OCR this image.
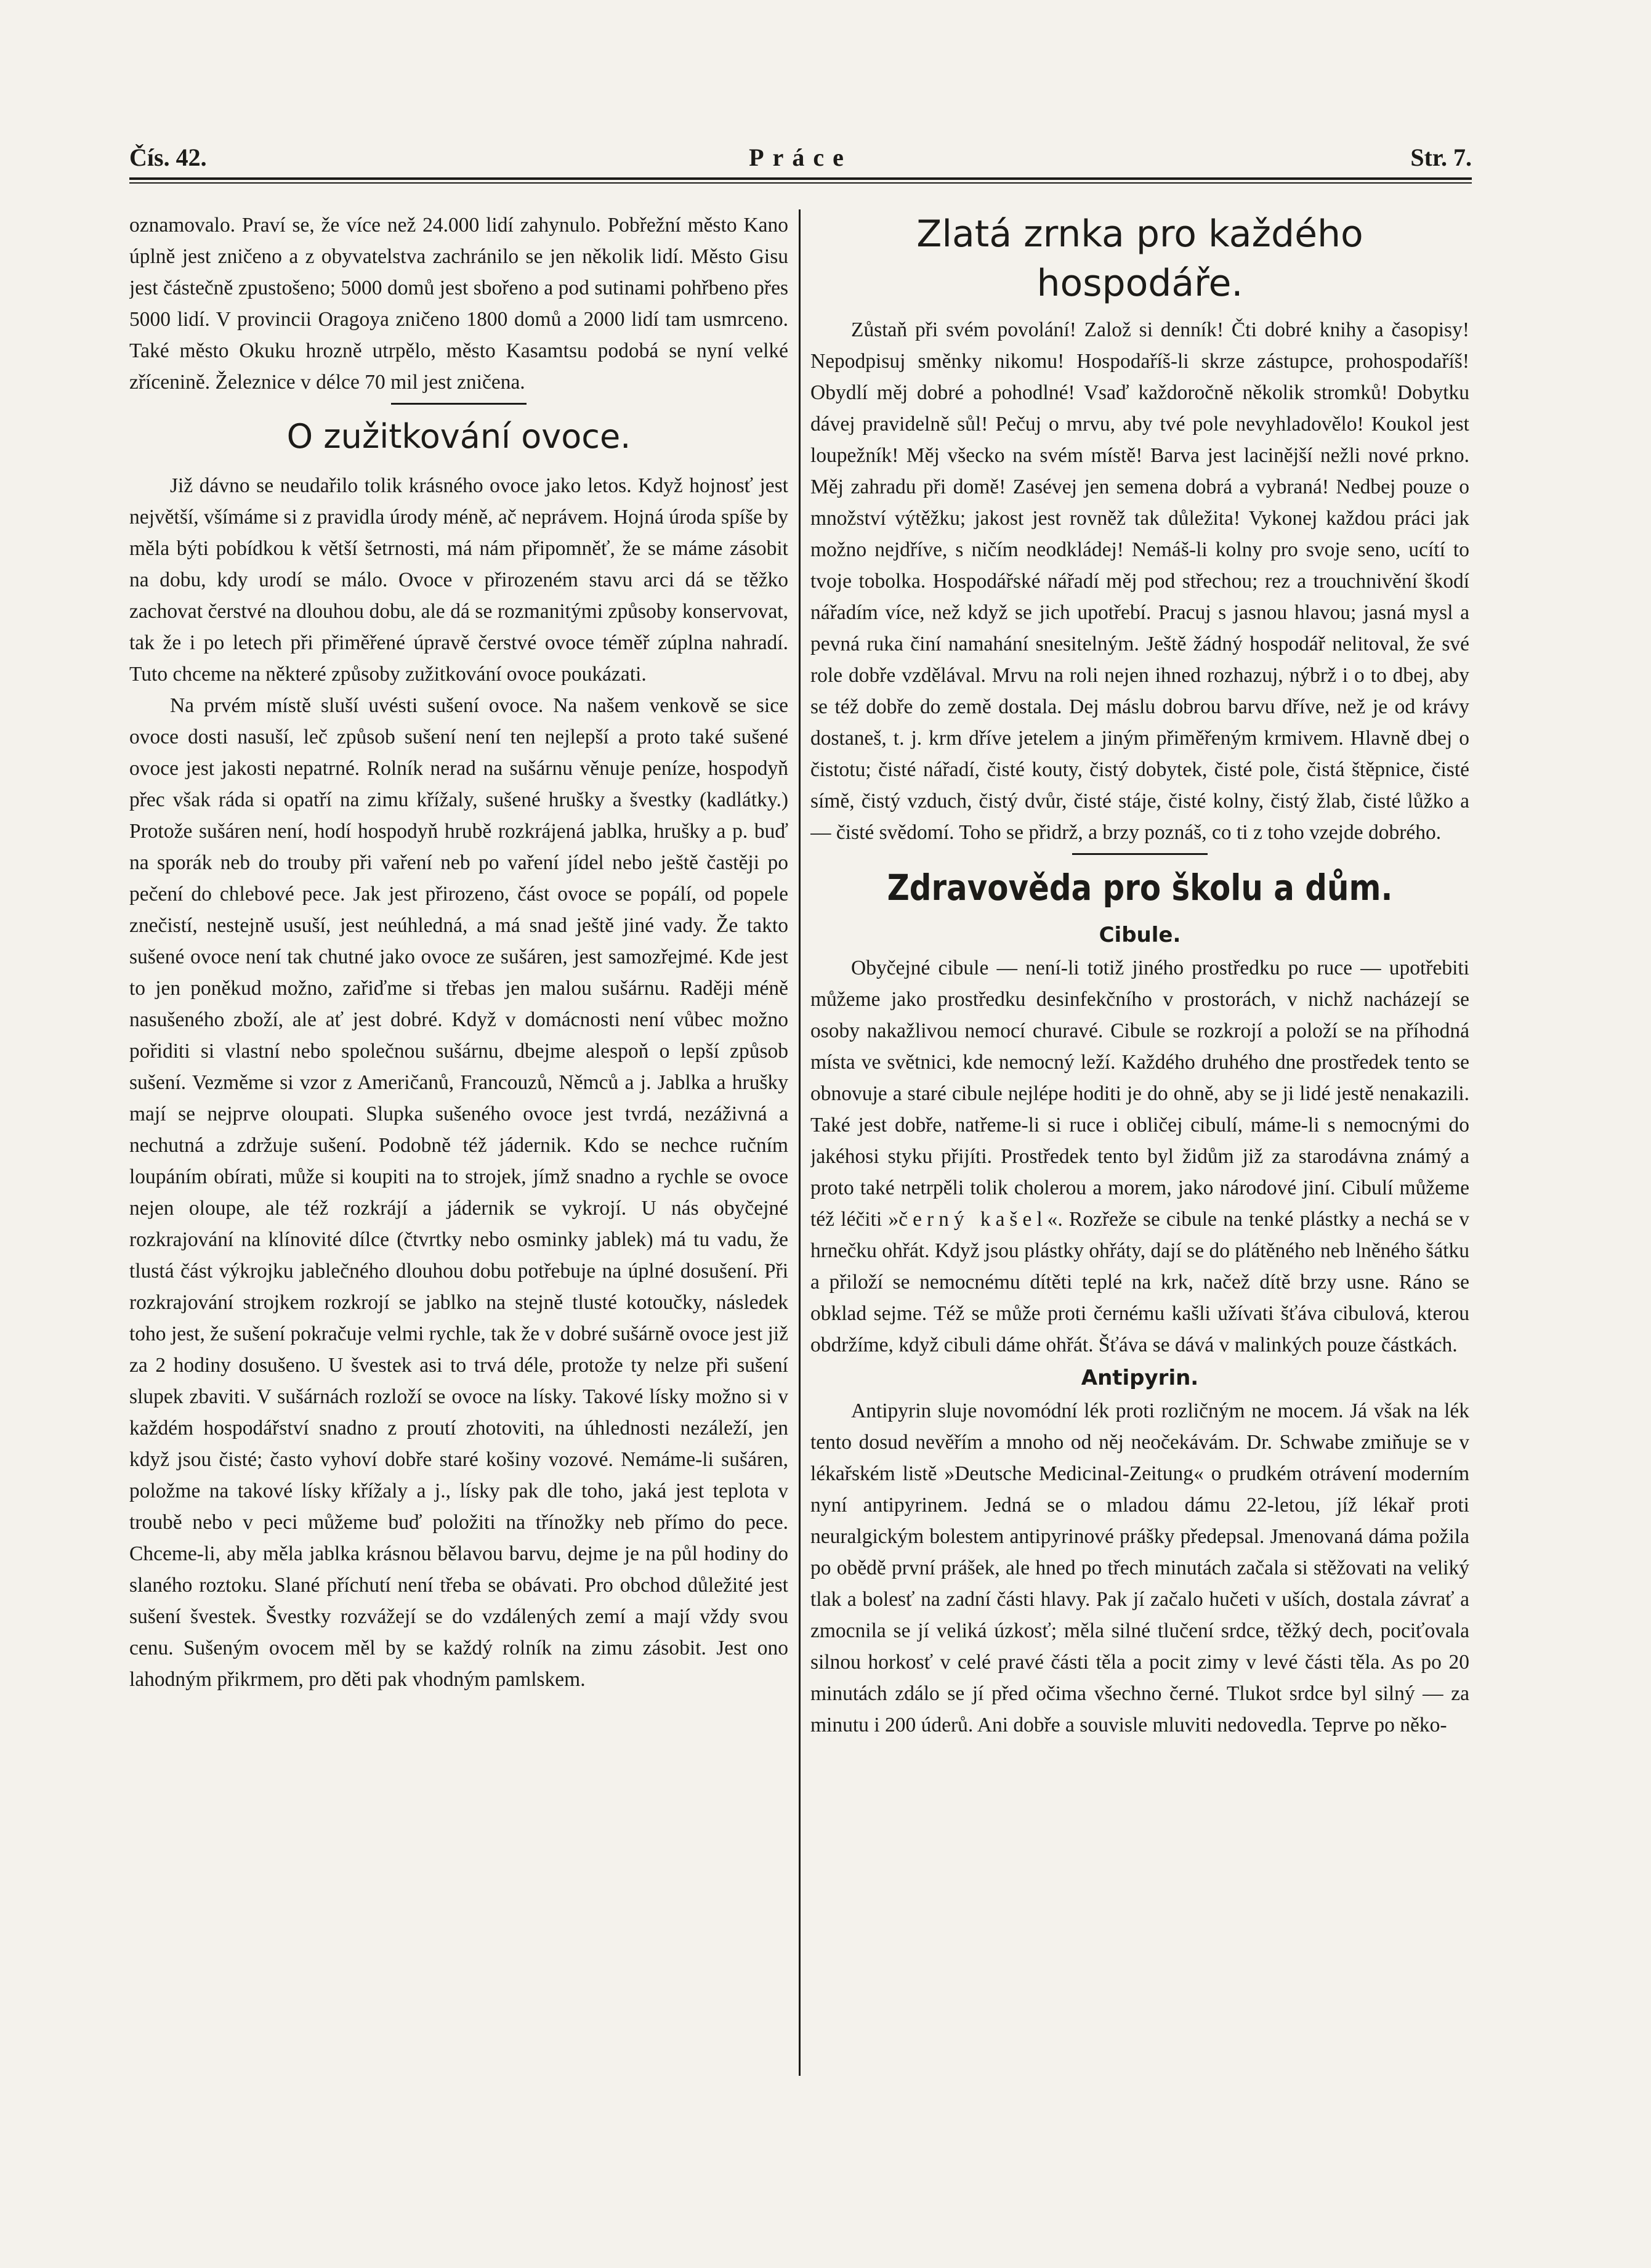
Čís. 42.	Práce	Str. 7.

oznamovalo. Praví se, že více než 24.000 lidí zahynulo. Pobřežní město Kano úplně jest zničeno a z obyvatelstva zachránilo se jen několik lidí. Město Gisu jest částečně zpustošeno; 5000 domů jest sbořeno a pod sutinami pohřbeno přes 5000 lidí. V provincii Oragoya zničeno 1800 domů a 2000 lidí tam usmrceno. Také město Okuku hrozně utrpělo, město Kasamtsu podobá se nyní velké zřícenině. Železnice v délce 70 mil jest zničena.

O zužitkování ovoce.

Již dávno se neudařilo tolik krásného ovoce jako letos. Když hojnosť jest největší, všímáme si z pravidla úrody méně, ač neprávem. Hojná úroda spíše by měla býti pobídkou k větší šetrnosti, má nám připomněť, že se máme zásobit na dobu, kdy urodí se málo. Ovoce v přirozeném stavu arci dá se těžko zachovat čerstvé na dlouhou dobu, ale dá se rozmanitými způsoby konservovat, tak že i po letech při přiměřené úpravě čerstvé ovoce téměř zúplna nahradí. Tuto chceme na některé způsoby zužitkování ovoce poukázati.

Na prvém místě sluší uvésti sušení ovoce. Na našem venkově se sice ovoce dosti nasuší, leč způsob sušení není ten nejlepší a proto také sušené ovoce jest jakosti nepatrné. Rolník nerad na sušárnu věnuje peníze, hospodyň přec však ráda si opatří na zimu křížaly, sušené hrušky a švestky (kadlátky.) Protože sušáren není, hodí hospodyň hrubě rozkrájená jablka, hrušky a p. buď na sporák neb do trouby při vaření neb po vaření jídel nebo ještě častěji po pečení do chlebové pece. Jak jest přirozeno, část ovoce se popálí, od popele znečistí, nestejně usuší, jest neúhledná, a má snad ještě jiné vady. Že takto sušené ovoce není tak chutné jako ovoce ze sušáren, jest samozřejmé. Kde jest to jen poněkud možno, zařiďme si třebas jen malou sušárnu. Raději méně nasušeného zboží, ale ať jest dobré. Když v domácnosti není vůbec možno pořiditi si vlastní nebo společnou sušárnu, dbejme alespoň o lepší způsob sušení. Vezměme si vzor z Američanů, Francouzů, Němců a j. Jablka a hrušky mají se nejprve oloupati. Slupka sušeného ovoce jest tvrdá, nezáživná a nechutná a zdržuje sušení. Podobně též jádernik. Kdo se nechce ručním loupáním obírati, může si koupiti na to strojek, jímž snadno a rychle se ovoce nejen oloupe, ale též rozkrájí a jádernik se vykrojí. U nás obyčejné rozkrajování na klínovité dílce (čtvrtky nebo osminky jablek) má tu vadu, že tlustá část výkrojku jablečného dlouhou dobu potřebuje na úplné dosušení. Při rozkrajování strojkem rozkrojí se jablko na stejně tlusté kotoučky, následek toho jest, že sušení pokračuje velmi rychle, tak že v dobré sušárně ovoce jest již za 2 hodiny dosušeno. U švestek asi to trvá déle, protože ty nelze při sušení slupek zbaviti. V sušárnách rozloží se ovoce na lísky. Takové lísky možno si v každém hospodářství snadno z proutí zhotoviti, na úhlednosti nezáleží, jen když jsou čisté; často vyhoví dobře staré košiny vozové. Nemáme-li sušáren, položme na takové lísky křížaly a j., lísky pak dle toho, jaká jest teplota v troubě nebo v peci můžeme buď položiti na třínožky neb přímo do pece. Chceme-li, aby měla jablka krásnou bělavou barvu, dejme je na půl hodiny do slaného roztoku. Slané příchutí není třeba se obávati. Pro obchod důležité jest sušení švestek. Švestky rozvážejí se do vzdálených zemí a mají vždy svou cenu. Sušeným ovocem měl by se každý rolník na zimu zásobit. Jest ono lahodným přikrmem, pro děti pak vhodným pamlskem.

Zlatá zrnka pro každého hospodáře.

Zůstaň při svém povolání! Založ si denník! Čti dobré knihy a časopisy! Nepodpisuj směnky nikomu! Hospodaříš-li skrze zástupce, prohospodaříš! Obydlí měj dobré a pohodlné! Vsaď každoročně několik stromků! Dobytku dávej pravidelně sůl! Pečuj o mrvu, aby tvé pole nevyhladovělo! Koukol jest loupežník! Měj všecko na svém místě! Barva jest lacinější nežli nové prkno. Měj zahradu při domě! Zasévej jen semena dobrá a vybraná! Nedbej pouze o množství výtěžku; jakost jest rovněž tak důležita! Vykonej každou práci jak možno nejdříve, s ničím neodkládej! Nemáš-li kolny pro svoje seno, ucítí to tvoje tobolka. Hospodářské nářadí měj pod střechou; rez a trouchnivění škodí nářadím více, než když se jich upotřebí. Pracuj s jasnou hlavou; jasná mysl a pevná ruka činí namahání snesitelným. Ještě žádný hospodář nelitoval, že své role dobře vzdělával. Mrvu na roli nejen ihned rozhazuj, nýbrž i o to dbej, aby se též dobře do země dostala. Dej máslu dobrou barvu dříve, než je od krávy dostaneš, t. j. krm dříve jetelem a jiným přiměřeným krmivem. Hlavně dbej o čistotu; čisté nářadí, čisté kouty, čistý dobytek, čisté pole, čistá štěpnice, čisté símě, čistý vzduch, čistý dvůr, čisté stáje, čisté kolny, čistý žlab, čisté lůžko a — čisté svědomí. Toho se přidrž, a brzy poznáš, co ti z toho vzejde dobrého.

Zdravověda pro školu a dům.
Cibule.

Obyčejné cibule — není-li totiž jiného prostředku po ruce — upotřebiti můžeme jako prostředku desinfekčního v prostorách, v nichž nacházejí se osoby nakažlivou nemocí churavé. Cibule se rozkrojí a položí se na příhodná místa ve světnici, kde nemocný leží. Každého druhého dne prostředek tento se obnovuje a staré cibule nejlépe hoditi je do ohně, aby se ji lidé jestě nenakazili. Také jest dobře, natřeme-li si ruce i obličej cibulí, máme-li s nemocnými do jakéhosi styku přijíti. Prostředek tento byl židům již za starodávna známý a proto také netrpěli tolik cholerou a morem, jako národové jiní. Cibulí můžeme též léčiti »černý kašel«. Rozřeže se cibule na tenké plástky a nechá se v hrnečku ohřát. Když jsou plástky ohřáty, dají se do plátěného neb lněného šátku a přiloží se nemocnému dítěti teplé na krk, načež dítě brzy usne. Ráno se obklad sejme. Též se může proti černému kašli užívati šťáva cibulová, kterou obdržíme, když cibuli dáme ohřát. Šťáva se dává v malinkých pouze částkách.

Antipyrin.

Antipyrin sluje novomódní lék proti rozličným ne mocem. Já však na lék tento dosud nevěřím a mnoho od něj neočekávám. Dr. Schwabe zmiňuje se v lékařském listě »Deutsche Medicinal-Zeitung« o prudkém otrávení moderním nyní antipyrinem. Jedná se o mladou dámu 22-letou, jíž lékař proti neuralgickým bolestem antipyrinové prášky předepsal. Jmenovaná dáma požila po obědě první prášek, ale hned po třech minutách začala si stěžovati na veliký tlak a bolesť na zadní části hlavy. Pak jí začalo hučeti v uších, dostala závrať a zmocnila se jí veliká úzkosť; měla silné tlučení srdce, těžký dech, pociťovala silnou horkosť v celé pravé části těla a pocit zimy v levé části těla. As po 20 minutách zdálo se jí před očima všechno černé. Tlukot srdce byl silný — za minutu i 200 úderů. Ani dobře a souvisle mluviti nedovedla. Teprve po něko-
